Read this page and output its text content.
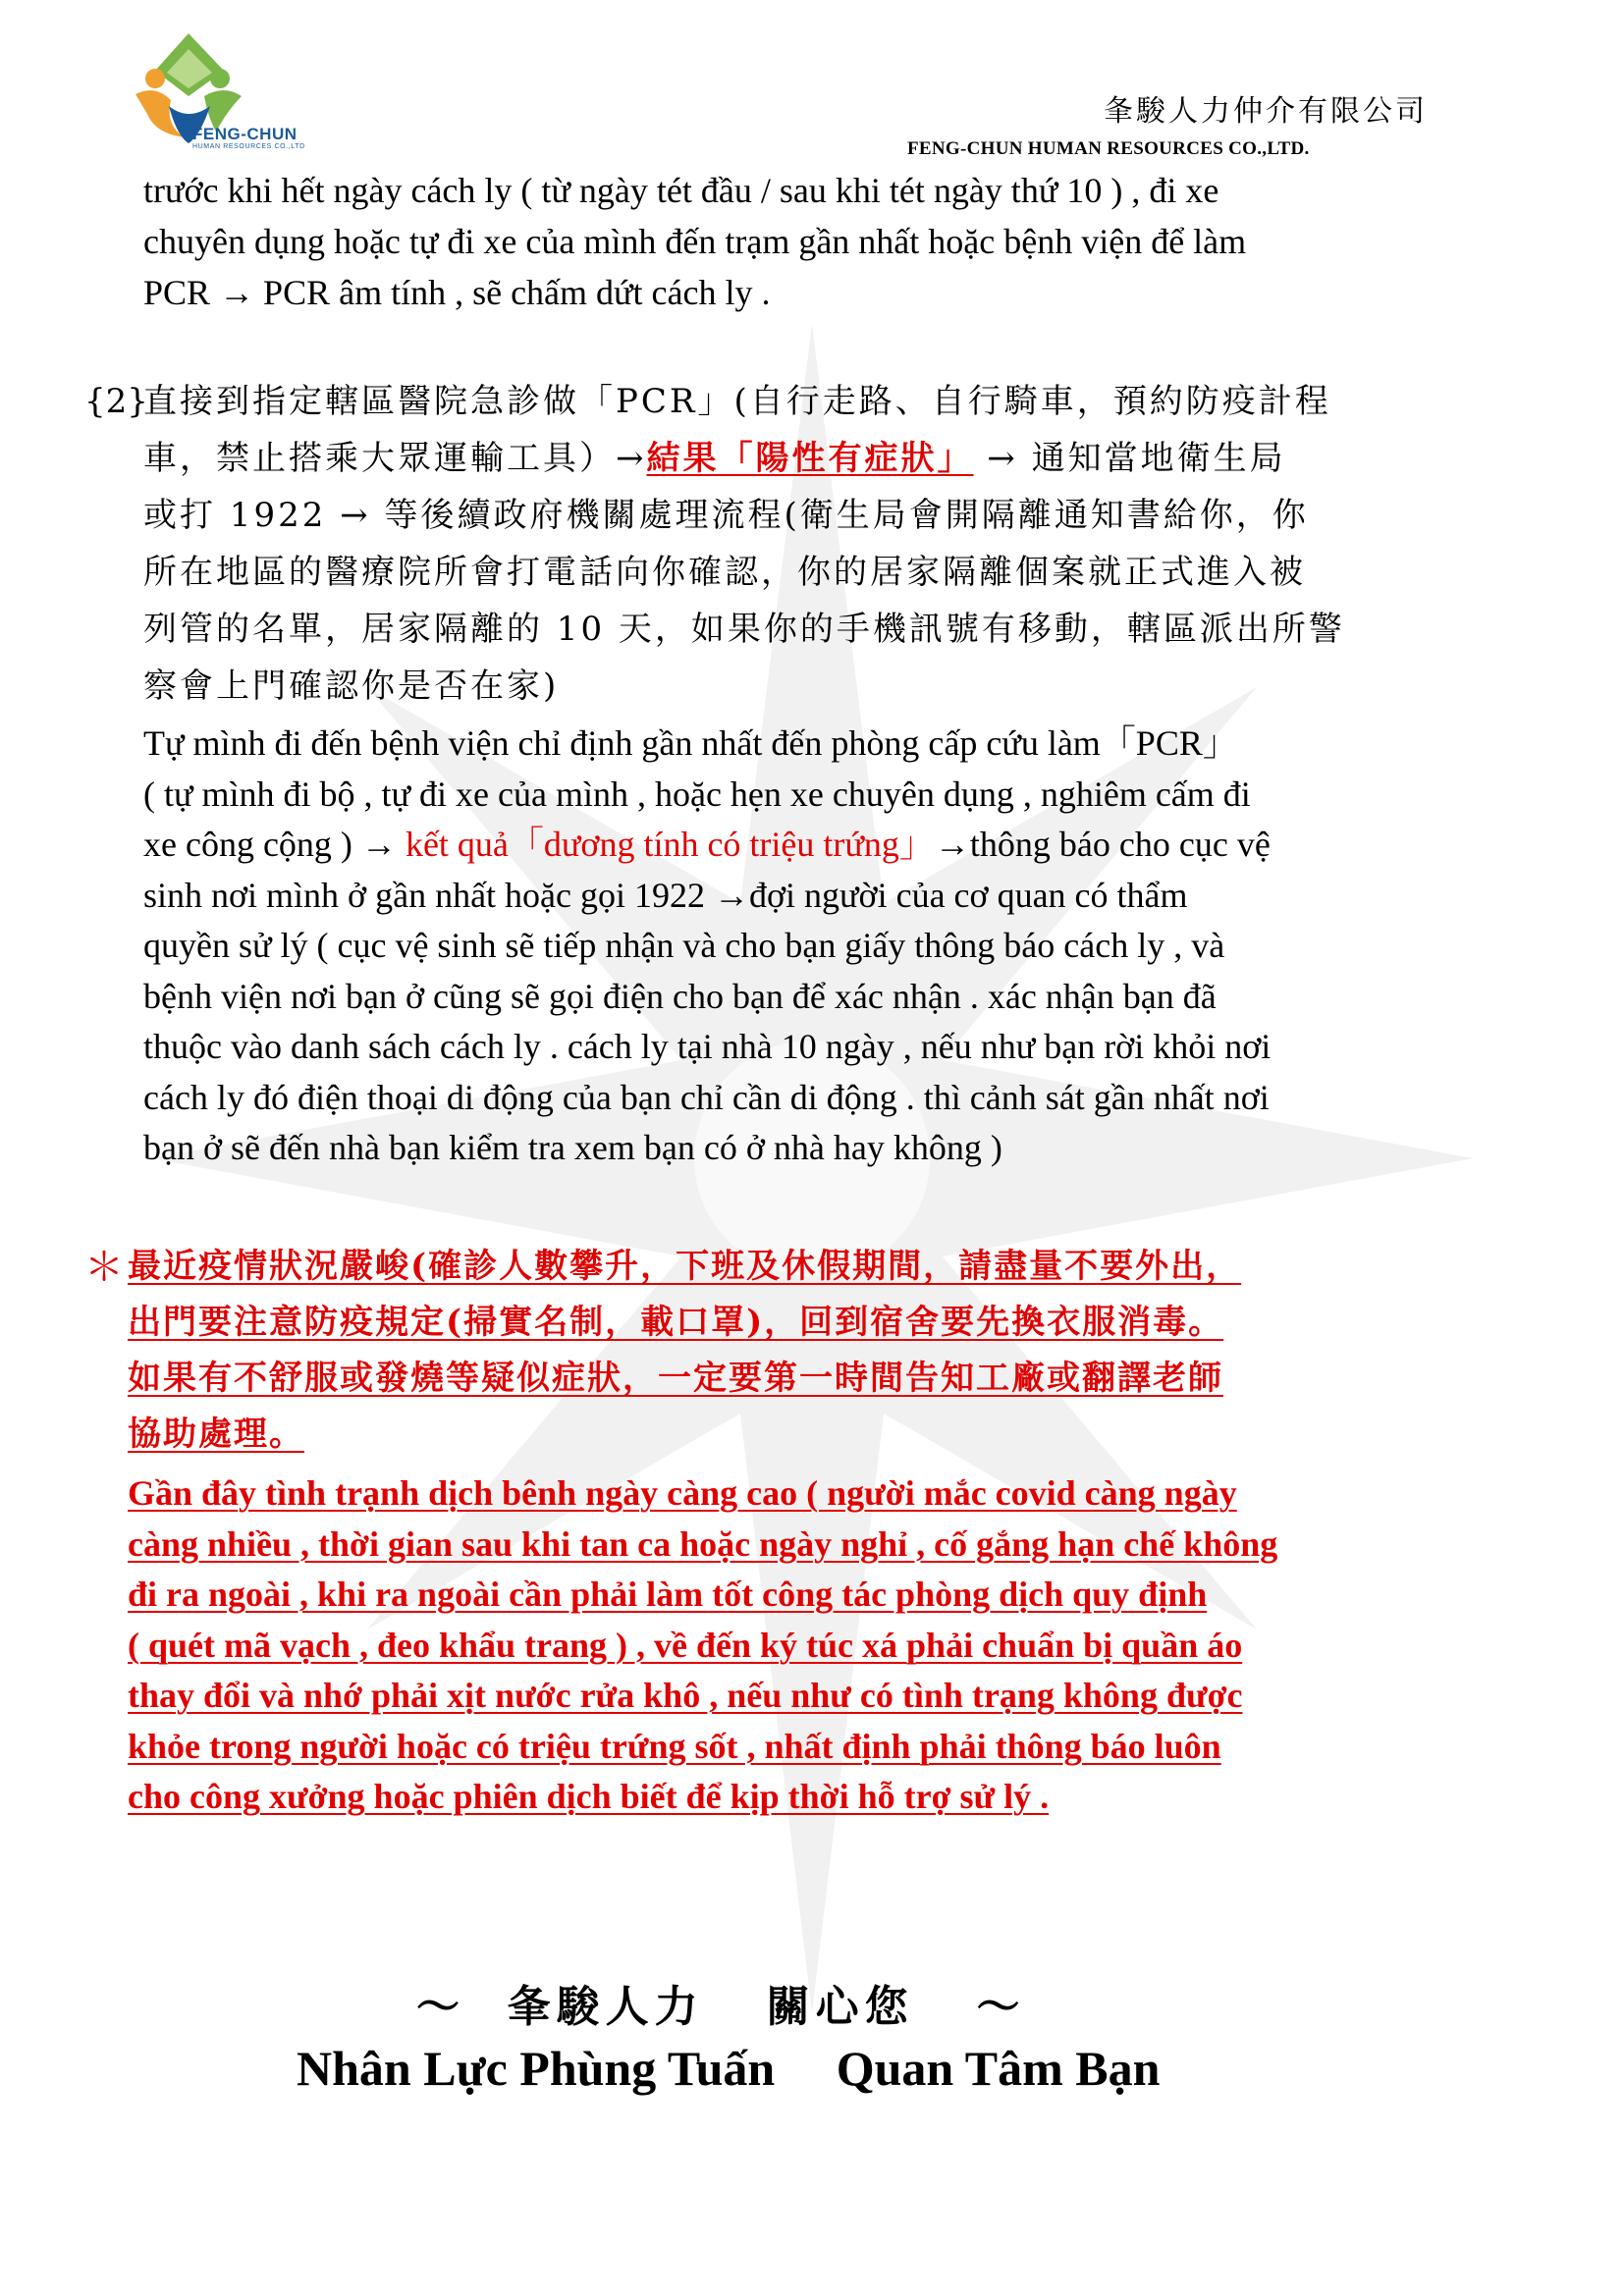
FENG-CHUN
HUMAN RESOURCES CO.,LTD
夆駿人力仲介有限公司
FENG-CHUN HUMAN RESOURCES CO.,LTD.
trước khi hết ngày cách ly ( từ ngày tét đầu / sau khi tét ngày thứ 10 ) , đi xe
chuyên dụng hoặc tự đi xe của mình đến trạm gần nhất hoặc bệnh viện để làm
PCR → PCR âm tính , sẽ chấm dứt cách ly .
{2}
直接到指定轄區醫院急診做「PCR」(自行走路、自行騎車，預約防疫計程
車，禁止搭乘大眾運輸工具）→結果「陽性有症狀」 → 通知當地衛生局
或打 1922 → 等後續政府機關處理流程(衛生局會開隔離通知書給你，你
所在地區的醫療院所會打電話向你確認，你的居家隔離個案就正式進入被
列管的名單，居家隔離的 10 天，如果你的手機訊號有移動，轄區派出所警
察會上門確認你是否在家)
Tự mình đi đến bệnh viện chỉ định gần nhất đến phòng cấp cứu làm「PCR」
( tự mình đi bộ , tự đi xe của mình , hoặc hẹn xe chuyên dụng , nghiêm cấm đi
xe công cộng ) → kết quả「dương tính có triệu trứng」→thông báo cho cục vệ
sinh nơi mình ở gần nhất hoặc gọi 1922 →đợi người của cơ quan có thẩm
quyền sử lý ( cục vệ sinh sẽ tiếp nhận và cho bạn giấy thông báo cách ly , và
bệnh viện nơi bạn ở cũng sẽ gọi điện cho bạn để xác nhận . xác nhận bạn đã
thuộc vào danh sách cách ly . cách ly tại nhà 10 ngày , nếu như bạn rời khỏi nơi
cách ly đó điện thoại di động của bạn chỉ cần di động . thì cảnh sát gần nhất nơi
bạn ở sẽ đến nhà bạn kiểm tra xem bạn có ở nhà hay không )
＊ 最近疫情狀況嚴峻(確診人數攀升，下班及休假期間，請盡量不要外出，
出門要注意防疫規定(掃實名制，載口罩)，回到宿舍要先換衣服消毒。
如果有不舒服或發燒等疑似症狀，一定要第一時間告知工廠或翻譯老師
協助處理。
Gần đây tình trạnh dịch bênh ngày càng cao ( người mắc covid càng ngày
càng nhiều , thời gian sau khi tan ca hoặc ngày nghỉ , cố gắng hạn chế không
đi ra ngoài , khi ra ngoài cần phải làm tốt công tác phòng dịch quy định
( quét mã vạch , đeo khẩu trang ) , về đến ký túc xá phải chuẩn bị quần áo
thay đổi và nhớ phải xịt nước rửa khô , nếu như có tình trạng không được
khỏe trong người hoặc có triệu trứng sốt , nhất định phải thông báo luôn
cho công xưởng hoặc phiên dịch biết để kịp thời hỗ trợ sử lý .
～  夆駿人力   關心您   ～
Nhân Lực Phùng Tuấn     Quan Tâm Bạn
